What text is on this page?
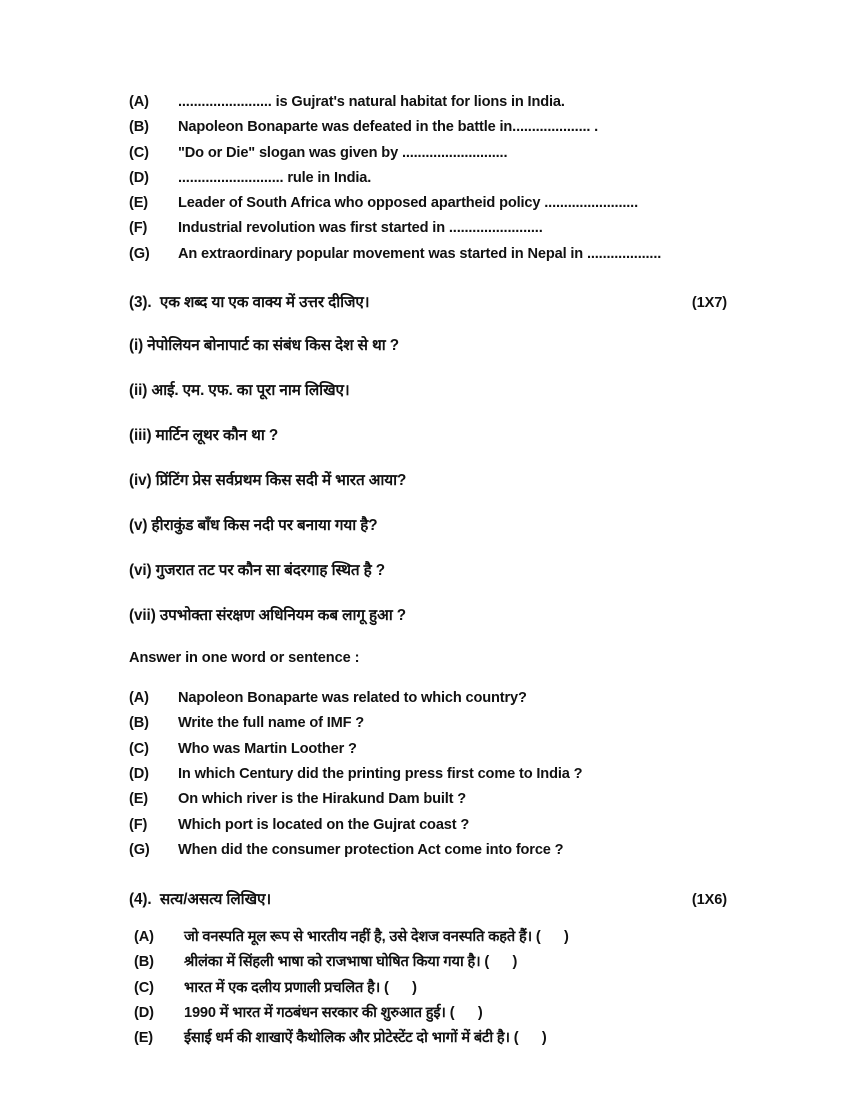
(A)	........................ is Gujrat's natural habitat for lions in India.
(B)	Napoleon Bonaparte was defeated in the battle in.................... .
(C)	"Do or Die" slogan was given by ...........................
(D)	........................... rule in India.
(E)	Leader of South Africa who opposed apartheid policy ........................
(F)	Industrial revolution was first started in ........................
(G)	An extraordinary popular movement was started in Nepal in ...................
(3).  एक शब्द या एक वाक्य में उत्तर दीजिए।	(1X7)
(i) नेपोलियन बोनापार्ट का संबंध किस देश से था ?
(ii) आई. एम. एफ. का पूरा नाम लिखिए।
(iii) मार्टिन लूथर कौन था ?
(iv) प्रिंटिंग प्रेस सर्वप्रथम किस सदी में भारत आया?
(v) हीराकुंड बाँध किस नदी पर बनाया गया है?
(vi) गुजरात तट पर कौन सा बंदरगाह स्थित है ?
(vii) उपभोक्ता संरक्षण अधिनियम कब लागू हुआ ?
Answer in one word or sentence :
(A)	Napoleon Bonaparte was related to which country?
(B)	Write the full name of IMF ?
(C)	Who was Martin Loother ?
(D)	In which Century did the printing press first come to India ?
(E)	On which river is the Hirakund Dam built ?
(F)	Which port is located on the Gujrat coast ?
(G)	When did the consumer protection Act come into force ?
(4).  सत्य/असत्य लिखिए।	(1X6)
(A)	जो वनस्पति मूल रूप से भारतीय नहीं है, उसे देशज वनस्पति कहते हैं। (      )
(B)	श्रीलंका में सिंहली भाषा को राजभाषा घोषित किया गया है। (      )
(C)	भारत में एक दलीय प्रणाली प्रचलित है। (      )
(D)	1990 में भारत में गठबंधन सरकार की शुरुआत हुई। (      )
(E)	ईसाई धर्म की शाखाऐं कैथोलिक और प्रोटेस्टेंट दो भागों में बंटी है। (      )
